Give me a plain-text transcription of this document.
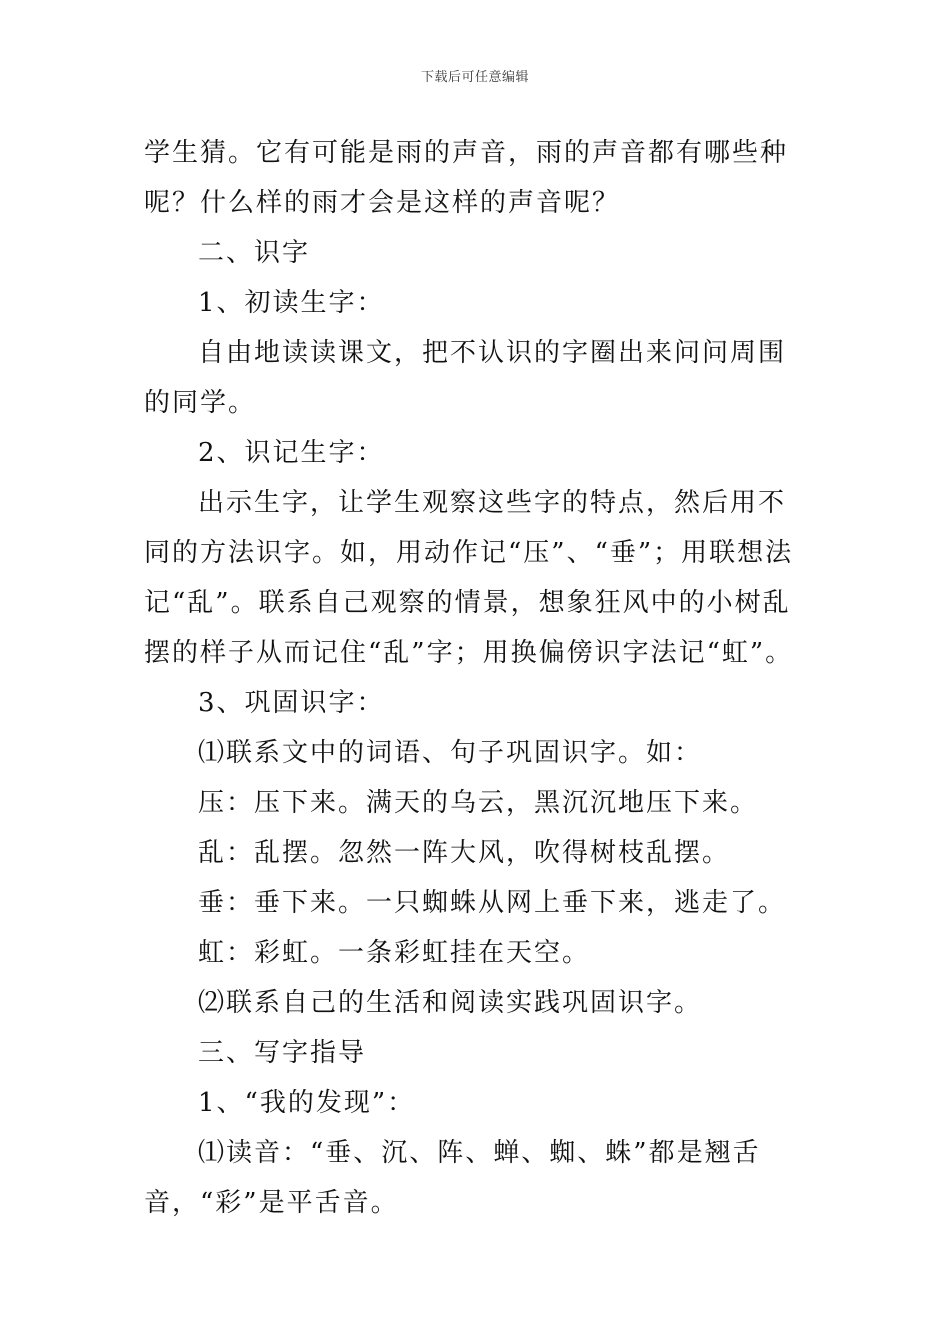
下载后可任意编辑

学生猜。它有可能是雨的声音，雨的声音都有哪些种呢？什么样的雨才会是这样的声音呢？

二、识字

1、初读生字：

自由地读读课文，把不认识的字圈出来问问周围的同学。

2、识记生字：

出示生字，让学生观察这些字的特点，然后用不同的方法识字。如，用动作记“压”、“垂”；用联想法记“乱”。联系自己观察的情景，想象狂风中的小树乱摆的样子从而记住“乱”字；用换偏傍识字法记“虹”。

3、巩固识字：

⑴联系文中的词语、句子巩固识字。如：

压：压下来。满天的乌云，黑沉沉地压下来。

乱：乱摆。忽然一阵大风，吹得树枝乱摆。

垂：垂下来。一只蜘蛛从网上垂下来，逃走了。

虹：彩虹。一条彩虹挂在天空。

⑵联系自己的生活和阅读实践巩固识字。

三、写字指导

1、“我的发现”：

⑴读音：“垂、沉、阵、蝉、蜘、蛛”都是翘舌音，“彩”是平舌音。
